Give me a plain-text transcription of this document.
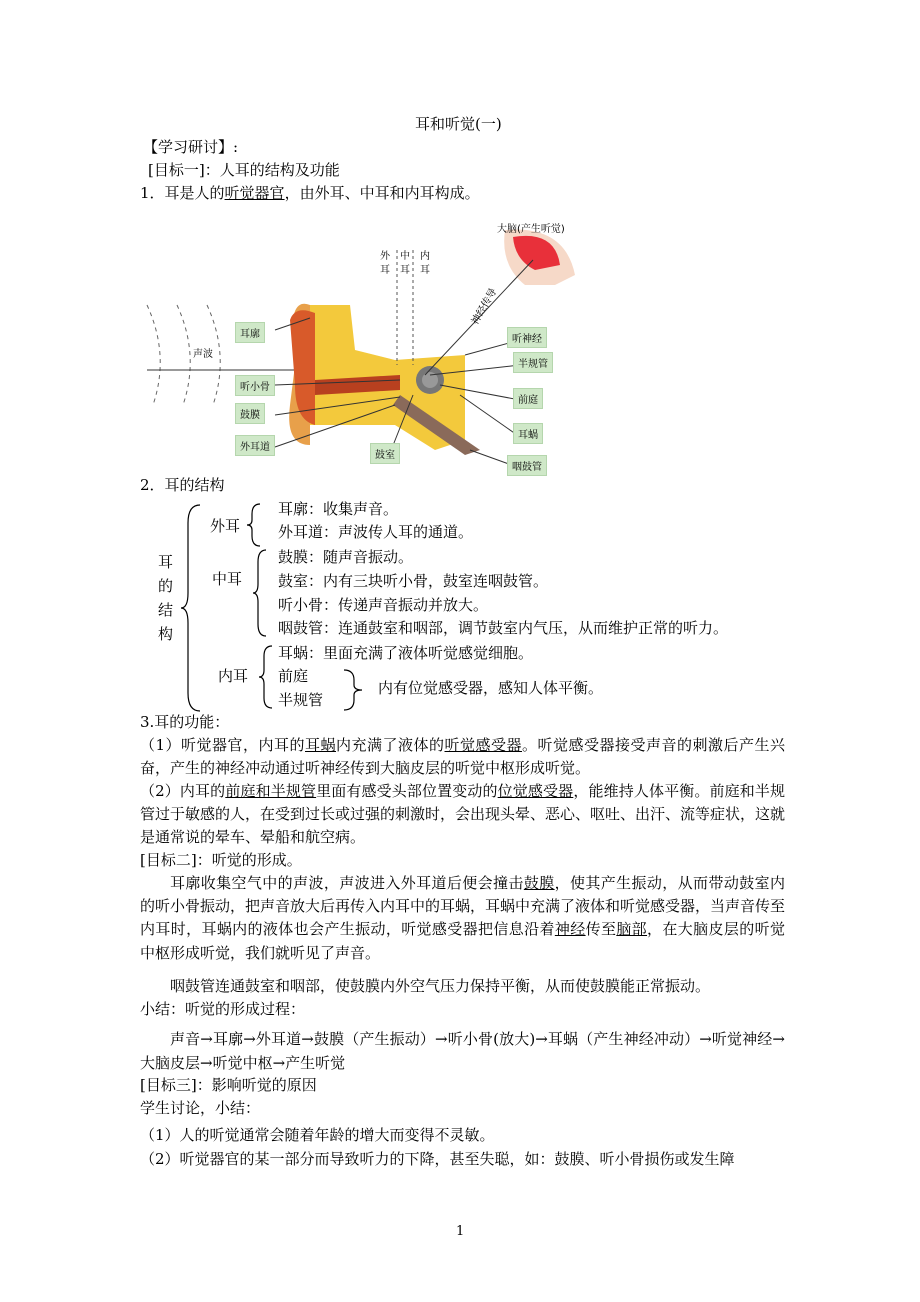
耳和听觉(一)
【学习研讨】:
[目标一]：人耳的结构及功能
1．耳是人的听觉器官，由外耳、中耳和内耳构成。
大脑(产生听觉)
外耳
中耳
内耳
神经传导
声波
耳廓
听小骨
鼓膜
外耳道
鼓室
听神经
半规管
前庭
耳蜗
咽鼓管
2．耳的结构
耳
的
结
构
外耳
耳廓：收集声音。
外耳道：声波传人耳的通道。
中耳
鼓膜：随声音振动。
鼓室：内有三块听小骨，鼓室连咽鼓管。
听小骨：传递声音振动并放大。
咽鼓管：连通鼓室和咽部，调节鼓室内气压，从而维护正常的听力。
内耳
耳蜗：里面充满了液体听觉感觉细胞。
前庭
半规管
内有位觉感受器，感知人体平衡。
3.耳的功能：
（1）听觉器官，内耳的耳蜗内充满了液体的听觉感受器。听觉感受器接受声音的刺激后产生兴奋，产生的神经冲动通过听神经传到大脑皮层的听觉中枢形成听觉。
（2）内耳的前庭和半规管里面有感受头部位置变动的位觉感受器，能维持人体平衡。前庭和半规管过于敏感的人，在受到过长或过强的刺激时，会出现头晕、恶心、呕吐、出汗、流等症状，这就是通常说的晕车、晕船和航空病。
[目标二]：听觉的形成。
耳廓收集空气中的声波，声波进入外耳道后便会撞击鼓膜，使其产生振动，从而带动鼓室内的听小骨振动，把声音放大后再传入内耳中的耳蜗，耳蜗中充满了液体和听觉感受器，当声音传至内耳时，耳蜗内的液体也会产生振动，听觉感受器把信息沿着神经传至脑部，在大脑皮层的听觉中枢形成听觉，我们就听见了声音。
咽鼓管连通鼓室和咽部，使鼓膜内外空气压力保持平衡，从而使鼓膜能正常振动。
小结：听觉的形成过程：
声音→耳廓→外耳道→鼓膜（产生振动）→听小骨(放大)→耳蜗（产生神经冲动）→听觉神经→大脑皮层→听觉中枢→产生听觉
[目标三]：影响听觉的原因
学生讨论，小结：
（1）人的听觉通常会随着年龄的增大而变得不灵敏。
（2）听觉器官的某一部分而导致听力的下降，甚至失聪，如：鼓膜、听小骨损伤或发生障
1
